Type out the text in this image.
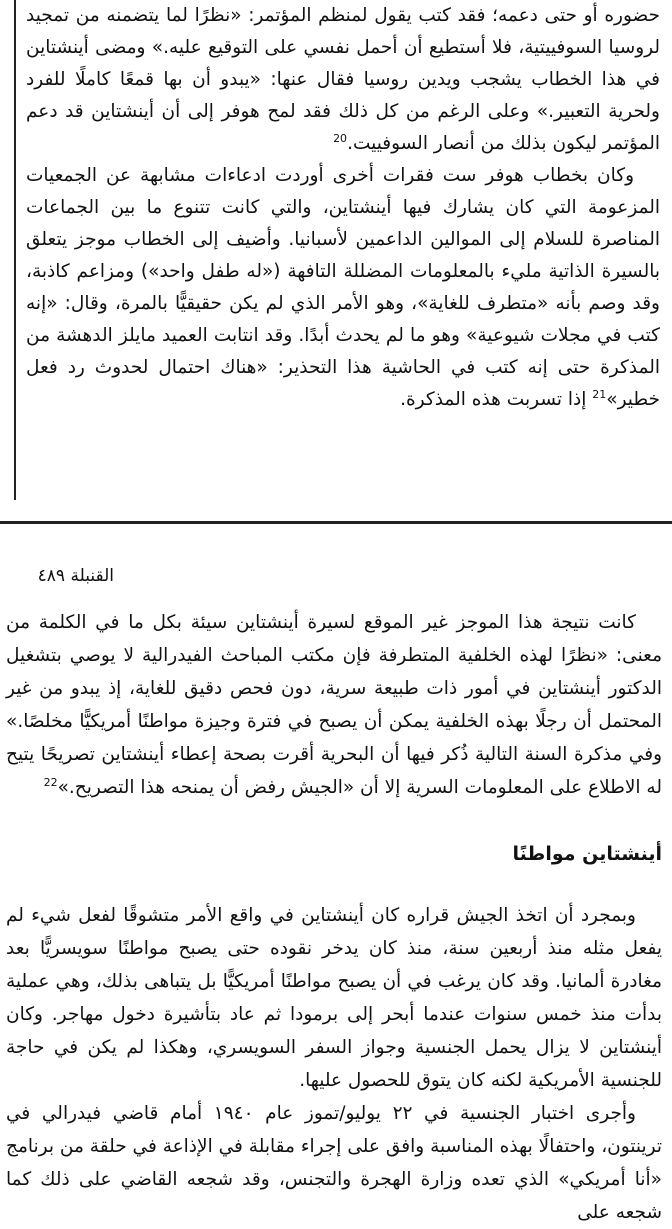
حضوره أو حتى دعمه؛ فقد كتب يقول لمنظم المؤتمر: «نظرًا لما يتضمنه من تمجيد لروسيا السوفييتية، فلا أستطيع أن أحمل نفسي على التوقيع عليه.» ومضى أينشتاين في هذا الخطاب يشجب ويدين روسيا فقال عنها: «يبدو أن بها قمعًا كاملًا للفرد ولحرية التعبير.» وعلى الرغم من كل ذلك فقد لمح هوفر إلى أن أينشتاين قد دعم المؤتمر ليكون بذلك من أنصار السوفييت.$^{20}$

وكان بخطاب هوفر ست فقرات أخرى أوردت ادعاءات مشابهة عن الجمعيات المزعومة التي كان يشارك فيها أينشتاين، والتي كانت تتنوع ما بين الجماعات المناصرة للسلام إلى الموالين الداعمين لأسبانيا. وأضيف إلى الخطاب موجز يتعلق بالسيرة الذاتية مليء بالمعلومات المضللة التافهة («له طفل واحد») ومزاعم كاذبة، وقد وصم بأنه «متطرف للغاية»، وهو الأمر الذي لم يكن حقيقيًّا بالمرة، وقال: «إنه كتب في مجلات شيوعية» وهو ما لم يحدث أبدًا. وقد انتابت العميد مايلز الدهشة من المذكرة حتى إنه كتب في الحاشية هذا التحذير: «هناك احتمال لحدوث رد فعل خطير»$^{21}$ إذا تسربت هذه المذكرة.

القنبلة ٤٨٩

كانت نتيجة هذا الموجز غير الموقع لسيرة أينشتاين سيئة بكل ما في الكلمة من معنى: «نظرًا لهذه الخلفية المتطرفة فإن مكتب المباحث الفيدرالية لا يوصي بتشغيل الدكتور أينشتاين في أمور ذات طبيعة سرية، دون فحص دقيق للغاية، إذ يبدو من غير المحتمل أن رجلًا بهذه الخلفية يمكن أن يصبح في فترة وجيزة مواطنًا أمريكيًّا مخلصًا.» وفي مذكرة السنة التالية ذُكر فيها أن البحرية أقرت بصحة إعطاء أينشتاين تصريحًا يتيح له الاطلاع على المعلومات السرية إلا أن «الجيش رفض أن يمنحه هذا التصريح.»$^{22}$

أينشتاين مواطنًا

وبمجرد أن اتخذ الجيش قراره كان أينشتاين في واقع الأمر متشوقًا لفعل شيء لم يفعل مثله منذ أربعين سنة، منذ كان يدخر نقوده حتى يصبح مواطنًا سويسريًّا بعد مغادرة ألمانيا. وقد كان يرغب في أن يصبح مواطنًا أمريكيًّا بل يتباهى بذلك، وهي عملية بدأت منذ خمس سنوات عندما أبحر إلى برمودا ثم عاد بتأشيرة دخول مهاجر. وكان أينشتاين لا يزال يحمل الجنسية وجواز السفر السويسري، وهكذا لم يكن في حاجة للجنسية الأمريكية لكنه كان يتوق للحصول عليها.

وأجرى اختبار الجنسية في ٢٢ يوليو/تموز عام ١٩٤٠ أمام قاضي فيدرالي في ترينتون، واحتفالًا بهذه المناسبة وافق على إجراء مقابلة في الإذاعة في حلقة من برنامج «أنا أمريكي» الذي تعده وزارة الهجرة والتجنس، وقد شجعه القاضي على ذلك كما شجعه على
